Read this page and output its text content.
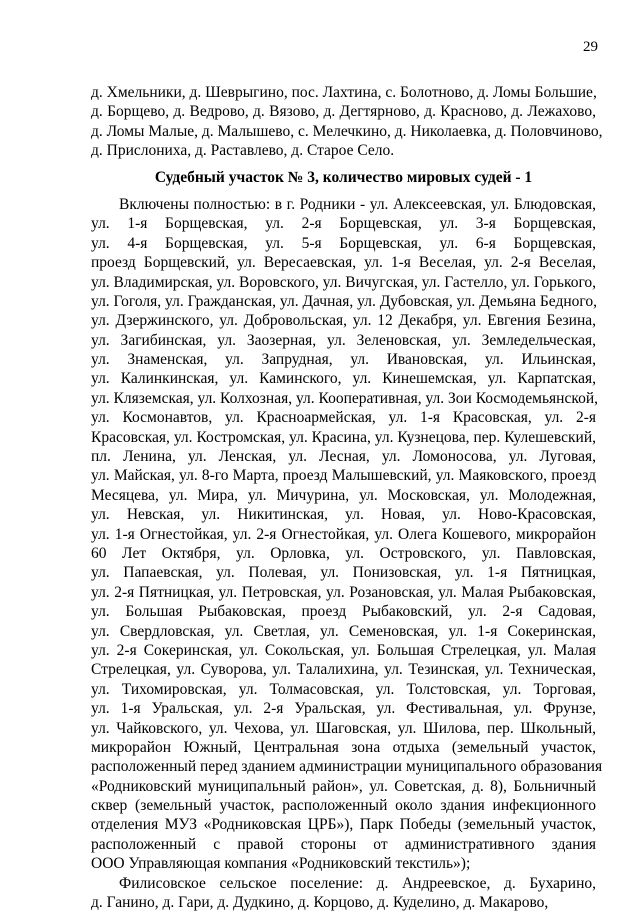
29
д. Хмельники, д. Шеврыгино, пос. Лахтина, с. Болотново, д. Ломы Большие,
д. Борщево, д. Ведрово, д. Вязово, д. Дегтярново, д. Красново, д. Лежахово,
д. Ломы Малые, д. Малышево, с. Мелечкино, д. Николаевка, д. Половчиново,
д. Прислониха, д. Раставлево, д. Старое Село.
Судебный участок № 3, количество мировых судей - 1
Включены полностью: в г. Родники - ул. Алексеевская, ул. Блюдовская,
ул. 1-я Борщевская, ул. 2-я Борщевская, ул. 3-я Борщевская,
ул. 4-я Борщевская, ул. 5-я Борщевская, ул. 6-я Борщевская,
проезд Борщевский, ул. Вересаевская, ул. 1-я Веселая, ул. 2-я Веселая,
ул. Владимирская, ул. Воровского, ул. Вичугская, ул. Гастелло, ул. Горького,
ул. Гоголя, ул. Гражданская, ул. Дачная, ул. Дубовская, ул. Демьяна Бедного,
ул. Дзержинского, ул. Добровольская, ул. 12 Декабря, ул. Евгения Безина,
ул. Загибинская, ул. Заозерная, ул. Зеленовская, ул. Земледельческая,
ул. Знаменская, ул. Запрудная, ул. Ивановская, ул. Ильинская,
ул. Калинкинская, ул. Каминского, ул. Кинешемская, ул. Карпатская,
ул. Кляземская, ул. Колхозная, ул. Кооперативная, ул. Зои Космодемьянской,
ул. Космонавтов, ул. Красноармейская, ул. 1-я Красовская, ул. 2-я
Красовская, ул. Костромская, ул. Красина, ул. Кузнецова, пер. Кулешевский,
пл. Ленина, ул. Ленская, ул. Лесная, ул. Ломоносова, ул. Луговая,
ул. Майская, ул. 8-го Марта, проезд Малышевский, ул. Маяковского, проезд
Месяцева, ул. Мира, ул. Мичурина, ул. Московская, ул. Молодежная,
ул. Невская, ул. Никитинская, ул. Новая, ул. Ново-Красовская,
ул. 1-я Огнестойкая, ул. 2-я Огнестойкая, ул. Олега Кошевого, микрорайон
60 Лет Октября, ул. Орловка, ул. Островского, ул. Павловская,
ул. Папаевская, ул. Полевая, ул. Понизовская, ул. 1-я Пятницкая,
ул. 2-я Пятницкая, ул. Петровская, ул. Розановская, ул. Малая Рыбаковская,
ул. Большая Рыбаковская, проезд Рыбаковский, ул. 2-я Садовая,
ул. Свердловская, ул. Светлая, ул. Семеновская, ул. 1-я Сокеринская,
ул. 2-я Сокеринская, ул. Сокольская, ул. Большая Стрелецкая, ул. Малая
Стрелецкая, ул. Суворова, ул. Талалихина, ул. Тезинская, ул. Техническая,
ул. Тихомировская, ул. Толмасовская, ул. Толстовская, ул. Торговая,
ул. 1-я Уральская, ул. 2-я Уральская, ул. Фестивальная, ул. Фрунзе,
ул. Чайковского, ул. Чехова, ул. Шаговская, ул. Шилова, пер. Школьный,
микрорайон Южный, Центральная зона отдыха (земельный участок,
расположенный перед зданием администрации муниципального образования
«Родниковский муниципальный район», ул. Советская, д. 8), Больничный
сквер (земельный участок, расположенный около здания инфекционного
отделения МУЗ «Родниковская ЦРБ»), Парк Победы (земельный участок,
расположенный с правой стороны от административного здания
ООО Управляющая компания «Родниковский текстиль»);
Филисовское сельское поселение: д. Андреевское, д. Бухарино,
д. Ганино, д. Гари, д. Дудкино, д. Корцово, д. Куделино, д. Макарово,
